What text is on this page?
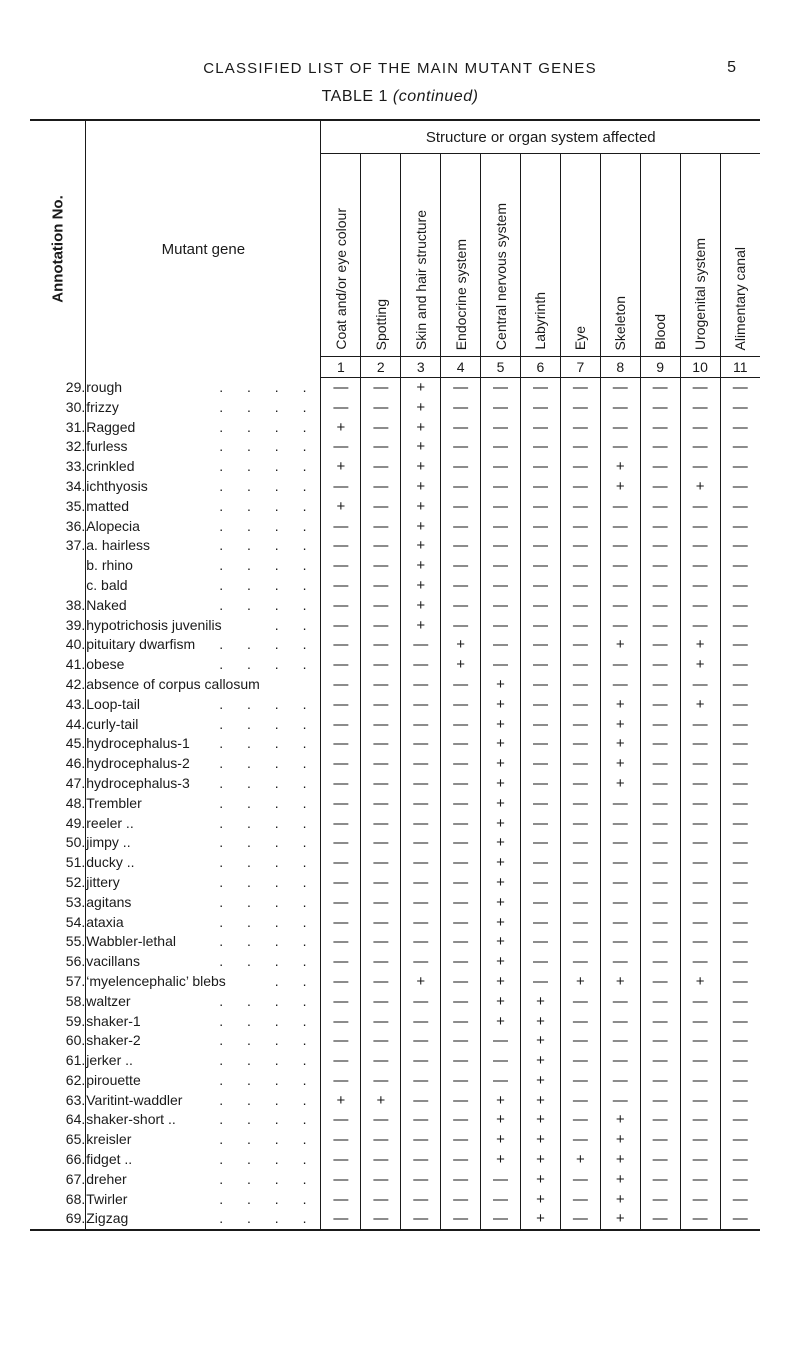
CLASSIFIED LIST OF THE MAIN MUTANT GENES	5
TABLE 1 (continued)
Annotation No.	Mutant gene	Structure or organ system affected										

		Coat and/or eye colour	Spotting	Skin and hair structure	Endocrine system	Central nervous system	Labyrinth	Eye	Skeleton	Blood	Urogenital system	Alimentary canal

		1	2	3	4	5	6	7	8	9	10	11
29.	rough . . . .	—	—	+	—	—	—	—	—	—	—	—
30.	frizzy . . . .	—	—	+	—	—	—	—	—	—	—	—
31.	Ragged . . . .	+	—	+	—	—	—	—	—	—	—	—
32.	furless . . . .	—	—	+	—	—	—	—	—	—	—	—
33.	crinkled . . . .	+	—	+	—	—	—	—	+	—	—	—
34.	ichthyosis . . . .	—	—	+	—	—	—	—	+	—	+	—
35.	matted . . . .	+	—	+	—	—	—	—	—	—	—	—
36.	Alopecia . . . .	—	—	+	—	—	—	—	—	—	—	—
37.	a. hairless . . . .	—	—	+	—	—	—	—	—	—	—	—
	b. rhino . . . .	—	—	+	—	—	—	—	—	—	—	—
	c. bald . . . .	—	—	+	—	—	—	—	—	—	—	—
38.	Naked . . . .	—	—	+	—	—	—	—	—	—	—	—
39.	hypotrichosis juvenilis . .	—	—	+	—	—	—	—	—	—	—	—
40.	pituitary dwarfism . . . .	—	—	—	+	—	—	—	+	—	+	—
41.	obese . . . .	—	—	—	+	—	—	—	—	—	+	—
42.	absence of corpus callosum	—	—	—	—	+	—	—	—	—	—	—
43.	Loop-tail . . . .	—	—	—	—	+	—	—	+	—	+	—
44.	curly-tail . . . .	—	—	—	—	+	—	—	+	—	—	—
45.	hydrocephalus-1 . . . .	—	—	—	—	+	—	—	+	—	—	—
46.	hydrocephalus-2 . . . .	—	—	—	—	+	—	—	+	—	—	—
47.	hydrocephalus-3 . . . .	—	—	—	—	+	—	—	+	—	—	—
48.	Trembler . . . .	—	—	—	—	+	—	—	—	—	—	—
49.	reeler .. . . . .	—	—	—	—	+	—	—	—	—	—	—
50.	jimpy .. . . . .	—	—	—	—	+	—	—	—	—	—	—
51.	ducky .. . . . .	—	—	—	—	+	—	—	—	—	—	—
52.	jittery . . . .	—	—	—	—	+	—	—	—	—	—	—
53.	agitans . . . .	—	—	—	—	+	—	—	—	—	—	—
54.	ataxia . . . .	—	—	—	—	+	—	—	—	—	—	—
55.	Wabbler-lethal . . . .	—	—	—	—	+	—	—	—	—	—	—
56.	vacillans . . . .	—	—	—	—	+	—	—	—	—	—	—
57.	‘myelencephalic’ blebs . .	—	—	+	—	+	—	+	+	—	+	—
58.	waltzer . . . .	—	—	—	—	+	+	—	—	—	—	—
59.	shaker-1 . . . .	—	—	—	—	+	+	—	—	—	—	—
60.	shaker-2 . . . .	—	—	—	—	—	+	—	—	—	—	—
61.	jerker .. . . . .	—	—	—	—	—	+	—	—	—	—	—
62.	pirouette . . . .	—	—	—	—	—	+	—	—	—	—	—
63.	Varitint-waddler . . . .	+	+	—	—	+	+	—	—	—	—	—
64.	shaker-short .. . . . .	—	—	—	—	+	+	—	+	—	—	—
65.	kreisler . . . .	—	—	—	—	+	+	—	+	—	—	—
66.	fidget .. . . . .	—	—	—	—	+	+	+	+	—	—	—
67.	dreher . . . .	—	—	—	—	—	+	—	+	—	—	—
68.	Twirler . . . .	—	—	—	—	—	+	—	+	—	—	—
69.	Zigzag . . . .	—	—	—	—	—	+	—	+	—	—	—
